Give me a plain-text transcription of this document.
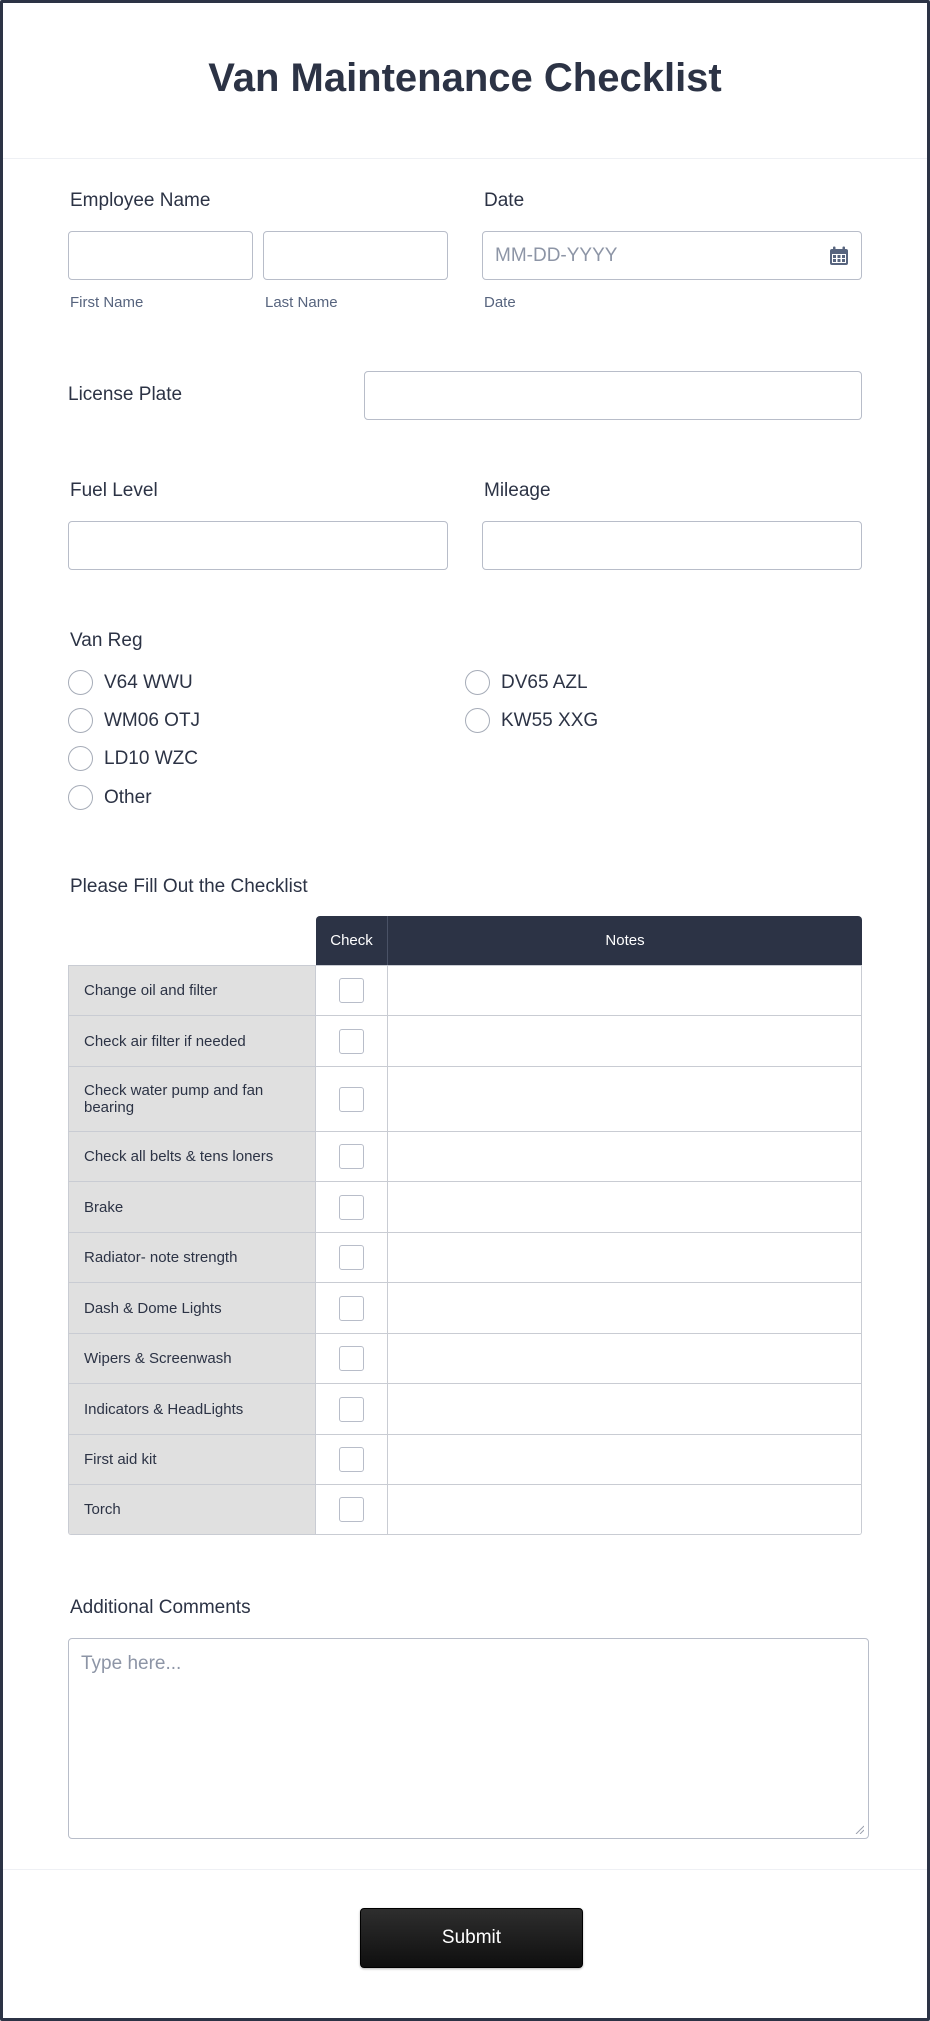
Van Maintenance Checklist
Employee Name
First Name	Last Name
Date
MM-DD-YYYY
Date
License Plate
Fuel Level	Mileage
Van Reg
V64 WWU	DV65 AZL
WM06 OTJ	KW55 XXG
LD10 WZC
Other
Please Fill Out the Checklist
Check	Notes
Change oil and filter
Check air filter if needed
Check water pump and fan bearing
Check all belts & tens loners
Brake
Radiator- note strength
Dash & Dome Lights
Wipers & Screenwash
Indicators & HeadLights
First aid kit
Torch
Additional Comments
Type here...
Submit
